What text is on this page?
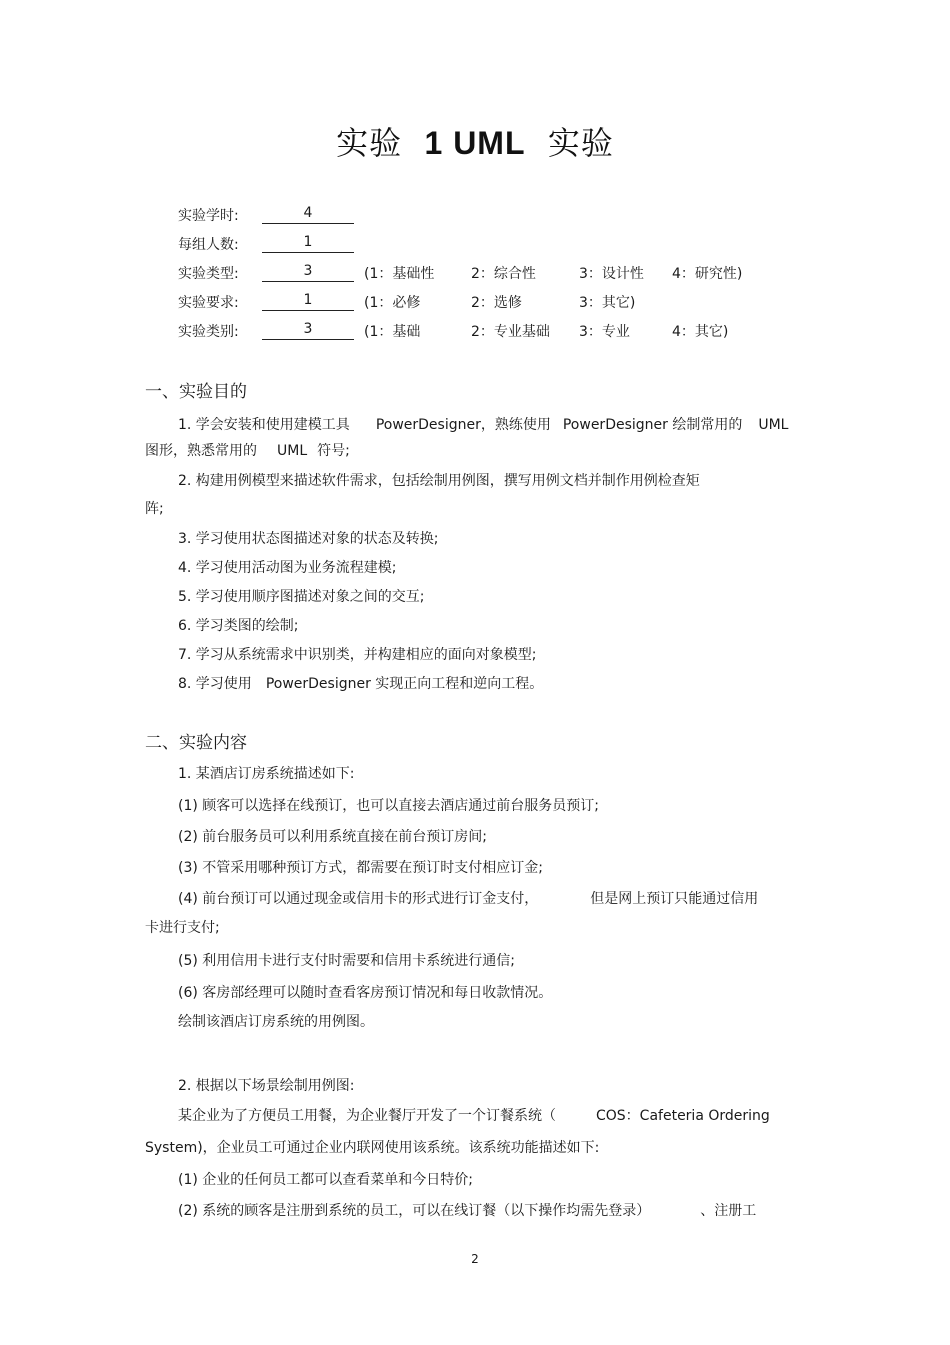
实验 1 UML 实验
实验学时:	4
每组人数:	1
实验类型:	3	(1：基础性	2：综合性	3：设计性 4：研究性)
实验要求:	1	(1：必修	2：选修	3：其它)
实验类别:	3	(1：基础	2：专业基础 3：专业	4：其它)
一、实验目的
1. 学会安装和使用建模工具 PowerDesigner，熟练使用 PowerDesigner 绘制常用的 UML
图形，熟悉常用的 UML 符号;
2. 构建用例模型来描述软件需求，包括绘制用例图，撰写用例文档并制作用例检查矩
阵;
3. 学习使用状态图描述对象的状态及转换;
4. 学习使用活动图为业务流程建模;
5. 学习使用顺序图描述对象之间的交互;
6. 学习类图的绘制;
7. 学习从系统需求中识别类，并构建相应的面向对象模型;
8. 学习使用 PowerDesigner 实现正向工程和逆向工程。
二、实验内容
1. 某酒店订房系统描述如下:
(1) 顾客可以选择在线预订，也可以直接去酒店通过前台服务员预订;
(2) 前台服务员可以利用系统直接在前台预订房间;
(3) 不管采用哪种预订方式，都需要在预订时支付相应订金;
(4) 前台预订可以通过现金或信用卡的形式进行订金支付，	但是网上预订只能通过信用
卡进行支付;
(5) 利用信用卡进行支付时需要和信用卡系统进行通信;
(6) 客房部经理可以随时查看客房预订情况和每日收款情况。
绘制该酒店订房系统的用例图。
2. 根据以下场景绘制用例图:
某企业为了方便员工用餐，为企业餐厅开发了一个订餐系统（	COS：Cafeteria Ordering
System)，企业员工可通过企业内联网使用该系统。该系统功能描述如下:
(1) 企业的任何员工都可以查看菜单和今日特价;
(2) 系统的顾客是注册到系统的员工，可以在线订餐（以下操作均需先登录）	、注册工
2
